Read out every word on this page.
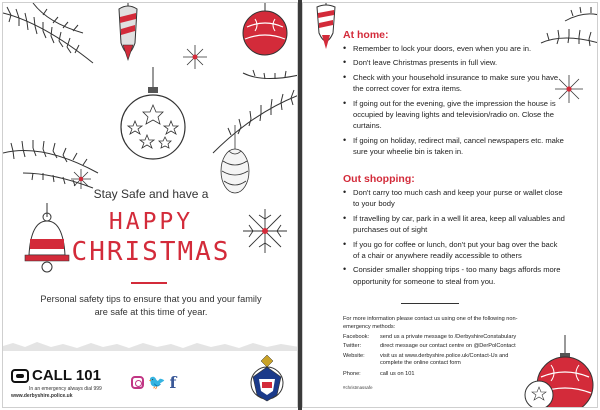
Stay Safe and have a
HAPPY
CHRISTMAS
Personal safety tips to ensure that you and your family are safe at this time of year.
CALL 101
In an emergency always dial 999
www.derbyshire.police.uk
🐦 f
At home:
• Remember to lock your doors, even when you are in.
• Don't leave Christmas presents in full view.
• Check with your household insurance to make sure you have the correct cover for extra items.
• If going out for the evening, give the impression the house is occupied by leaving lights and television/radio on. Close the curtains.
• If going on holiday, redirect mail, cancel newspapers etc. make sure your wheelie bin is taken in.
Out shopping:
• Don't carry too much cash and keep your purse or wallet close to your body
• If travelling by car, park in a well lit area, keep all valuables and purchases out of sight
• If you go for coffee or lunch, don't put your bag over the back of a chair or anywhere readily accessible to others
• Consider smaller shopping trips - too many bags affords more opportunity for someone to steal from you.
For more information please contact us using one of the following non-emergency methods:
Facebook:	send us a private message to /DerbyshireConstabulary
Twitter:	direct message our contact centre on @DerPolContact
Website:	visit us at www.derbyshire.police.uk/Contact-Us and complete the online contact form
Phone:	call us on 101
#christmassafe
